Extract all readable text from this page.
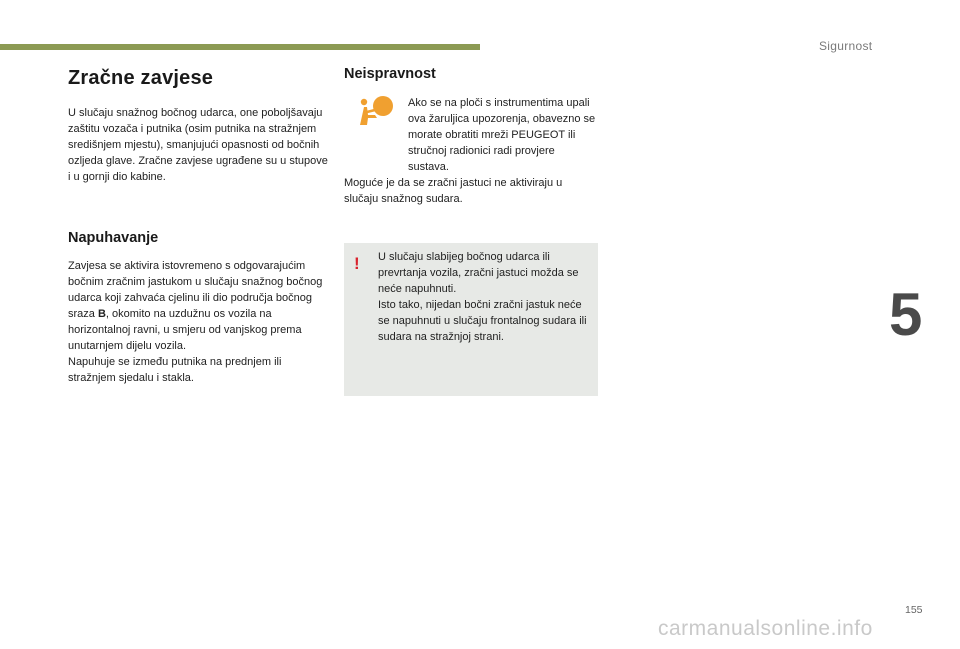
Sigurnost
5
Zračne zavjese

U slučaju snažnog bočnog udarca, one poboljšavaju zaštitu vozača i putnika (osim putnika na stražnjem središnjem mjestu), smanjujući opasnosti od bočnih ozljeda glave. Zračne zavjese ugrađene su u stupove i u gornji dio kabine.

Napuhavanje

Zavjesa se aktivira istovremeno s odgovarajućim bočnim zračnim jastukom u slučaju snažnog bočnog udarca koji zahvaća cjelinu ili dio područja bočnog sraza B, okomito na uzdužnu os vozila na horizontalnoj ravni, u smjeru od vanjskog prema unutarnjem dijelu vozila.

Napuhuje se između putnika na prednjem ili stražnjem sjedalu i stakla.

Neispravnost

Ako se na ploči s instrumentima upali ova žaruljica upozorenja, obavezno se morate obratiti mreži PEUGEOT ili stručnoj radionici radi provjere sustava.

Moguće je da se zračni jastuci ne aktiviraju u slučaju snažnog sudara.

!	U slučaju slabijeg bočnog udarca ili prevrtanja vozila, zračni jastuci možda se neće napuhnuti.

Isto tako, nijedan bočni zračni jastuk neće se napuhnuti u slučaju frontalnog sudara ili sudara na stražnjoj strani.

155
carmanualsonline.info
